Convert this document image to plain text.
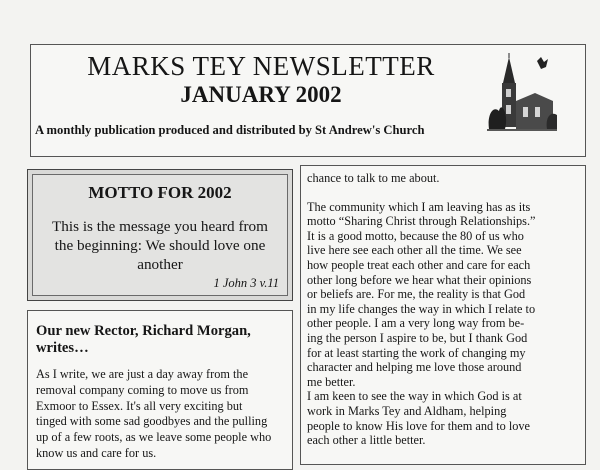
MARKS TEY NEWSLETTER
JANUARY 2002
A monthly publication produced and distributed by St Andrew's Church
MOTTO FOR 2002
This is the message you heard from
the beginning: We should love one
another
1 John 3 v.11
Our new Rector, Richard Morgan,
writes…
As I write, we are just a day away from the
removal company coming to move us from
Exmoor to Essex. It's all very exciting but
tinged with some sad goodbyes and the pulling
up of a few roots, as we leave some people who
know us and care for us.

chance to talk to me about.

The community which I am leaving has as its
motto “Sharing Christ through Relationships.”
It is a good motto, because the 80 of us who
live here see each other all the time. We see
how people treat each other and care for each
other long before we hear what their opinions
or beliefs are. For me, the reality is that God
in my life changes the way in which I relate to
other people. I am a very long way from be-
ing the person I aspire to be, but I thank God
for at least starting the work of changing my
character and helping me love those around
me better.

I am keen to see the way in which God is at
work in Marks Tey and Aldham, helping
people to know His love for them and to love
each other a little better.
